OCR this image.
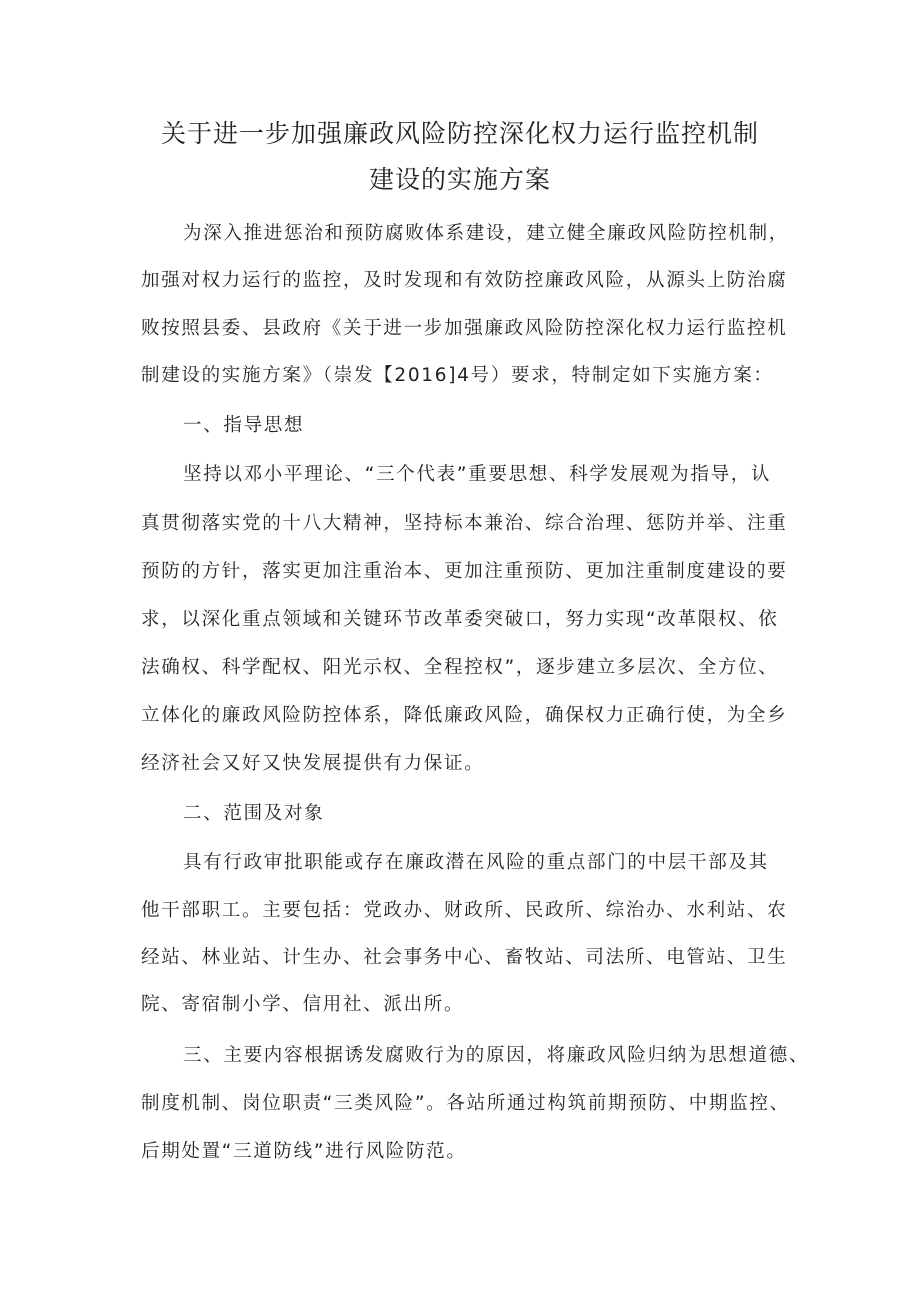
关于进一步加强廉政风险防控深化权力运行监控机制
建设的实施方案
为深入推进惩治和预防腐败体系建设，建立健全廉政风险防控机制，
加强对权力运行的监控，及时发现和有效防控廉政风险，从源头上防治腐
败按照县委、县政府《关于进一步加强廉政风险防控深化权力运行监控机
制建设的实施方案》（崇发【2016]4号）要求，特制定如下实施方案：
一、指导思想
坚持以邓小平理论、“三个代表”重要思想、科学发展观为指导，认
真贯彻落实党的十八大精神，坚持标本兼治、综合治理、惩防并举、注重
预防的方针，落实更加注重治本、更加注重预防、更加注重制度建设的要
求，以深化重点领域和关键环节改革委突破口，努力实现“改革限权、依
法确权、科学配权、阳光示权、全程控权”，逐步建立多层次、全方位、
立体化的廉政风险防控体系，降低廉政风险，确保权力正确行使，为全乡
经济社会又好又快发展提供有力保证。
二、范围及对象
具有行政审批职能或存在廉政潜在风险的重点部门的中层干部及其
他干部职工。主要包括：党政办、财政所、民政所、综治办、水利站、农
经站、林业站、计生办、社会事务中心、畜牧站、司法所、电管站、卫生
院、寄宿制小学、信用社、派出所。
三、主要内容根据诱发腐败行为的原因，将廉政风险归纳为思想道德、
制度机制、岗位职责“三类风险”。各站所通过构筑前期预防、中期监控、
后期处置“三道防线”进行风险防范。
